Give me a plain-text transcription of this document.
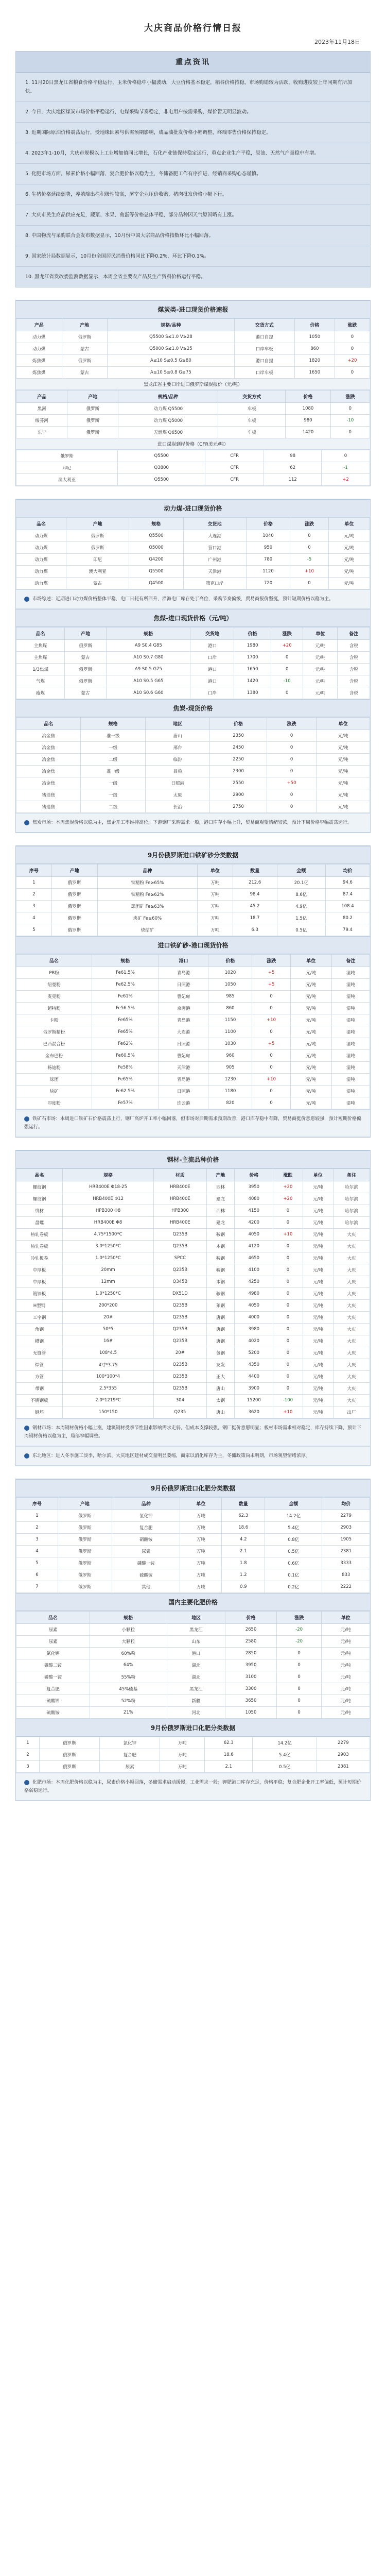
大庆商品价格行情日报
2023年11月18日
重点资讯
1. 11月20日黑龙江省粮食价格平稳运行，玉米价格稳中小幅波动，大豆价格基本稳定，稻谷价格持稳，市场购销较为活跃，收购进度较上年同期有所加快。
2. 今日，大庆地区煤炭市场价格平稳运行，电煤采购节奏稳定，非电用户按需采购，煤价暂无明显波动。
3. 近期国际原油价格震荡运行，受地缘因素与供需预期影响，成品油批发价格小幅调整，终端零售价格保持稳定。
4. 2023年1-10月，大庆市规模以上工业增加值同比增长，石化产业链保持稳定运行，重点企业生产平稳，原油、天然气产量稳中有增。
5. 化肥市场方面，尿素价格小幅回落，复合肥价格以稳为主，冬储备肥工作有序推进，经销商采购心态谨慎。
6. 生猪价格延续弱势，养殖端出栏积极性较高，屠宰企业压价收购，猪肉批发价格小幅下行。
7. 大庆市民生商品供应充足，蔬菜、水果、禽蛋等价格总体平稳，部分品种因天气原因略有上涨。
8. 中国物流与采购联合会发布数据显示，10月份中国大宗商品价格指数环比小幅回落。
9. 国家统计局数据显示，10月份全国居民消费价格同比下降0.2%，环比下降0.1%。
10. 黑龙江省发改委监测数据显示，本周全省主要农产品及生产资料价格运行平稳。
煤炭类-进口现货价格速报
产品	产地	规格/品种	交货方式	价格	涨跌
动力煤	俄罗斯	Q5500 S≤1.0 V≥28	港口自提	1050	0
动力煤	蒙古	Q5000 S≤1.0 V≥25	口岸车板	860	0
炼焦煤	俄罗斯	A≤10 S≤0.5 G≥80	港口自提	1820	+20
炼焦煤	蒙古	A≤10 S≤0.8 G≥75	口岸车板	1650	0
黑龙江省主要口岸进口俄罗斯煤炭报价（元/吨）
产品	产地	规格/品种	交货方式	价格	涨跌
黑河	俄罗斯	动力煤 Q5500	车板	1080	0
绥芬河	俄罗斯	动力煤 Q5000	车板	980	-10
东宁	俄罗斯	无烟煤 Q6500	车板	1420	0
进口煤炭到岸价格（CFR美元/吨）
俄罗斯	Q5500	CFR	98	0
印尼	Q3800	CFR	62	-1
澳大利亚	Q5500	CFR	112	+2
动力煤-进口现货价格
品名	产地	规格	交货地	价格	涨跌	单位
动力煤	俄罗斯	Q5500	大连港	1040	0	元/吨
动力煤	俄罗斯	Q5000	营口港	950	0	元/吨
动力煤	印尼	Q4200	广州港	780	-5	元/吨
动力煤	澳大利亚	Q5500	天津港	1120	+10	元/吨
动力煤	蒙古	Q4500	策克口岸	720	0	元/吨
市场综述：近期进口动力煤价格整体平稳，电厂日耗有所回升，沿海电厂库存处于高位，采购节奏偏缓，贸易商报价坚挺，预计短期价格以稳为主。
焦煤-进口现货价格（元/吨）
品名	产地	规格	交货地	价格	涨跌	单位	备注
主焦煤	俄罗斯	A9 S0.4 G85	港口	1980	+20	元/吨	含税
主焦煤	蒙古	A10 S0.7 G80	口岸	1700	0	元/吨	含税
1/3焦煤	俄罗斯	A9 S0.5 G75	港口	1650	0	元/吨	含税
气煤	俄罗斯	A10 S0.5 G65	港口	1420	-10	元/吨	含税
瘦煤	蒙古	A10 S0.6 G60	口岸	1380	0	元/吨	含税
焦炭-现货价格
品名	规格	地区	价格	涨跌	单位
冶金焦	准一级	唐山	2350	0	元/吨
冶金焦	一级	邢台	2450	0	元/吨
冶金焦	二级	临汾	2250	0	元/吨
冶金焦	准一级	吕梁	2300	0	元/吨
冶金焦	一级	日照港	2550	+50	元/吨
铸造焦	一级	太原	2900	0	元/吨
铸造焦	二级	长治	2750	0	元/吨
焦炭市场：本周焦炭价格以稳为主，焦企开工率维持高位，下游钢厂采购需求一般，港口库存小幅上升，贸易商观望情绪较浓，预计下周价格窄幅震荡运行。
9月份俄罗斯进口铁矿砂分类数据
序号	产地	品种	单位	数量	金额	均价
1	俄罗斯	铁精粉 Fe≥65%	万吨	212.6	20.1亿	94.6
2	俄罗斯	铁精粉 Fe≥62%	万吨	98.4	8.6亿	87.4
3	俄罗斯	球团矿 Fe≥63%	万吨	45.2	4.9亿	108.4
4	俄罗斯	块矿 Fe≥60%	万吨	18.7	1.5亿	80.2
5	俄罗斯	烧结矿	万吨	6.3	0.5亿	79.4
进口铁矿砂-港口现货价格
品名	规格	港口	价格	涨跌	单位	备注
PB粉	Fe61.5%	青岛港	1020	+5	元/吨	湿吨
纽曼粉	Fe62.5%	日照港	1050	+5	元/吨	湿吨
麦克粉	Fe61%	曹妃甸	985	0	元/吨	湿吨
超特粉	Fe56.5%	京唐港	860	0	元/吨	湿吨
卡粉	Fe65%	青岛港	1150	+10	元/吨	湿吨
俄罗斯精粉	Fe65%	大连港	1100	0	元/吨	湿吨
巴西混合粉	Fe62%	日照港	1030	+5	元/吨	湿吨
金布巴粉	Fe60.5%	曹妃甸	960	0	元/吨	湿吨
杨迪粉	Fe58%	天津港	905	0	元/吨	湿吨
球团	Fe65%	青岛港	1230	+10	元/吨	湿吨
块矿	Fe62.5%	日照港	1180	0	元/吨	湿吨
印度粉	Fe57%	连云港	820	0	元/吨	湿吨
铁矿石市场：本周进口铁矿石价格震荡上行，钢厂高炉开工率小幅回落，但市场对后期需求预期改善，港口库存稳中有降，贸易商挺价意愿较强，预计短期价格偏强运行。
钢材-主流品种价格
品名	规格	材质	产地	价格	涨跌	单位	备注
螺纹钢	HRB400E Φ18-25	HRB400E	西林	3950	+20	元/吨	哈尔滨
螺纹钢	HRB400E Φ12	HRB400E	建龙	4080	+20	元/吨	哈尔滨
线材	HPB300 Φ8	HPB300	西林	4150	0	元/吨	哈尔滨
盘螺	HRB400E Φ8	HRB400E	建龙	4200	0	元/吨	哈尔滨
热轧卷板	4.75*1500*C	Q235B	鞍钢	4050	+10	元/吨	大庆
热轧卷板	3.0*1250*C	Q235B	本钢	4120	0	元/吨	大庆
冷轧板卷	1.0*1250*C	SPCC	鞍钢	4650	0	元/吨	大庆
中厚板	20mm	Q235B	鞍钢	4100	0	元/吨	大庆
中厚板	12mm	Q345B	本钢	4250	0	元/吨	大庆
镀锌板	1.0*1250*C	DX51D	鞍钢	4980	0	元/吨	大庆
H型钢	200*200	Q235B	莱钢	4050	0	元/吨	大庆
工字钢	20#	Q235B	唐钢	4000	0	元/吨	大庆
角钢	50*5	Q235B	唐钢	3980	0	元/吨	大庆
槽钢	16#	Q235B	唐钢	4020	0	元/吨	大庆
无缝管	108*4.5	20#	包钢	5200	0	元/吨	大庆
焊管	4寸*3.75	Q235B	友发	4350	0	元/吨	大庆
方管	100*100*4	Q235B	正大	4400	0	元/吨	大庆
带钢	2.5*355	Q235B	唐山	3900	0	元/吨	大庆
不锈钢板	2.0*1219*C	304	太钢	15200	-100	元/吨	大庆
钢坯	150*150	Q235	唐山	3620	+10	元/吨	出厂
钢材市场：本周钢材价格小幅上涨，建筑钢材受季节性因素影响需求走弱，但成本支撑较强，钢厂挺价意愿明显；板材市场需求相对稳定，库存持续下降，预计下周钢材价格以稳为主，局部窄幅调整。
东北地区：进入冬季施工淡季，哈尔滨、大庆地区建材成交量明显萎缩，商家以消化库存为主，冬储政策尚未明朗，市场观望情绪浓厚。
9月份俄罗斯进口化肥分类数据
序号	产地	品种	单位	数量	金额	均价
1	俄罗斯	氯化钾	万吨	62.3	14.2亿	2279
2	俄罗斯	复合肥	万吨	18.6	5.4亿	2903
3	俄罗斯	硝酸铵	万吨	4.2	0.8亿	1905
4	俄罗斯	尿素	万吨	2.1	0.5亿	2381
5	俄罗斯	磷酸一铵	万吨	1.8	0.6亿	3333
6	俄罗斯	硫酸铵	万吨	1.2	0.1亿	833
7	俄罗斯	其他	万吨	0.9	0.2亿	2222
国内主要化肥价格
品名	规格	地区	价格	涨跌	单位
尿素	小颗粒	黑龙江	2650	-20	元/吨
尿素	大颗粒	山东	2580	-20	元/吨
氯化钾	60%粉	港口	2850	0	元/吨
磷酸二铵	64%	湖北	3950	0	元/吨
磷酸一铵	55%粉	湖北	3100	0	元/吨
复合肥	45%硫基	黑龙江	3300	0	元/吨
硫酸钾	52%粉	新疆	3650	0	元/吨
硫酸铵	21%	河北	1050	0	元/吨
9月份俄罗斯进口化肥分类数据
1	俄罗斯	氯化钾	万吨	62.3	14.2亿	2279
2	俄罗斯	复合肥	万吨	18.6	5.4亿	2903
3	俄罗斯	尿素	万吨	2.1	0.5亿	2381
化肥市场：本周化肥价格以稳为主，尿素价格小幅回落，冬储需求启动缓慢，工业需求一般；钾肥港口库存充足，价格平稳；复合肥企业开工率偏低，预计短期价格弱稳运行。
